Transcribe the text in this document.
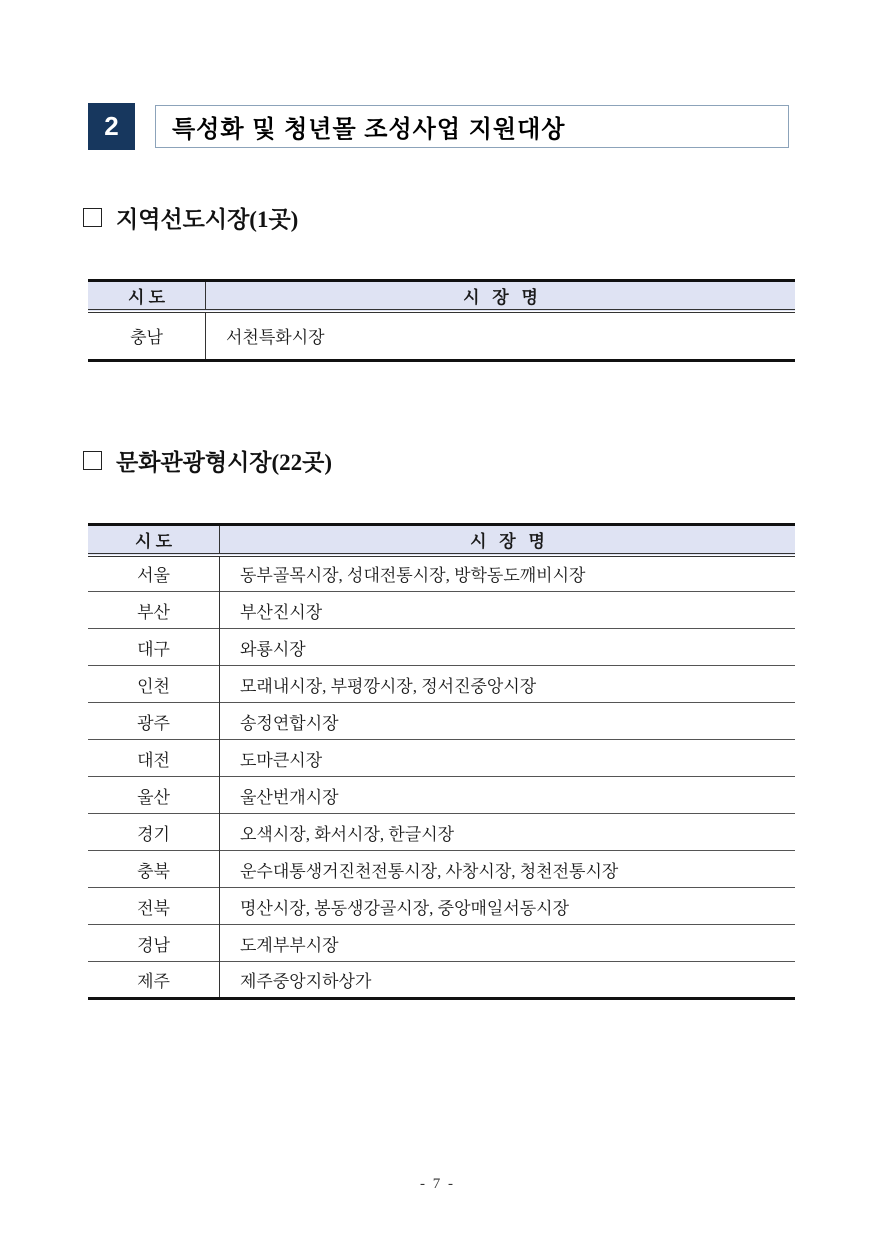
2 특성화 및 청년몰 조성사업 지원대상
지역선도시장(1곳)
시 도	시   장   명
충남	서천특화시장
문화관광형시장(22곳)
시 도	시   장   명
서울	동부골목시장, 성대전통시장, 방학동도깨비시장
부산	부산진시장
대구	와룡시장
인천	모래내시장, 부평깡시장, 정서진중앙시장
광주	송정연합시장
대전	도마큰시장
울산	울산번개시장
경기	오색시장, 화서시장, 한글시장
충북	운수대통생거진천전통시장, 사창시장, 청천전통시장
전북	명산시장, 봉동생강골시장, 중앙매일서동시장
경남	도계부부시장
제주	제주중앙지하상가
- 7 -
